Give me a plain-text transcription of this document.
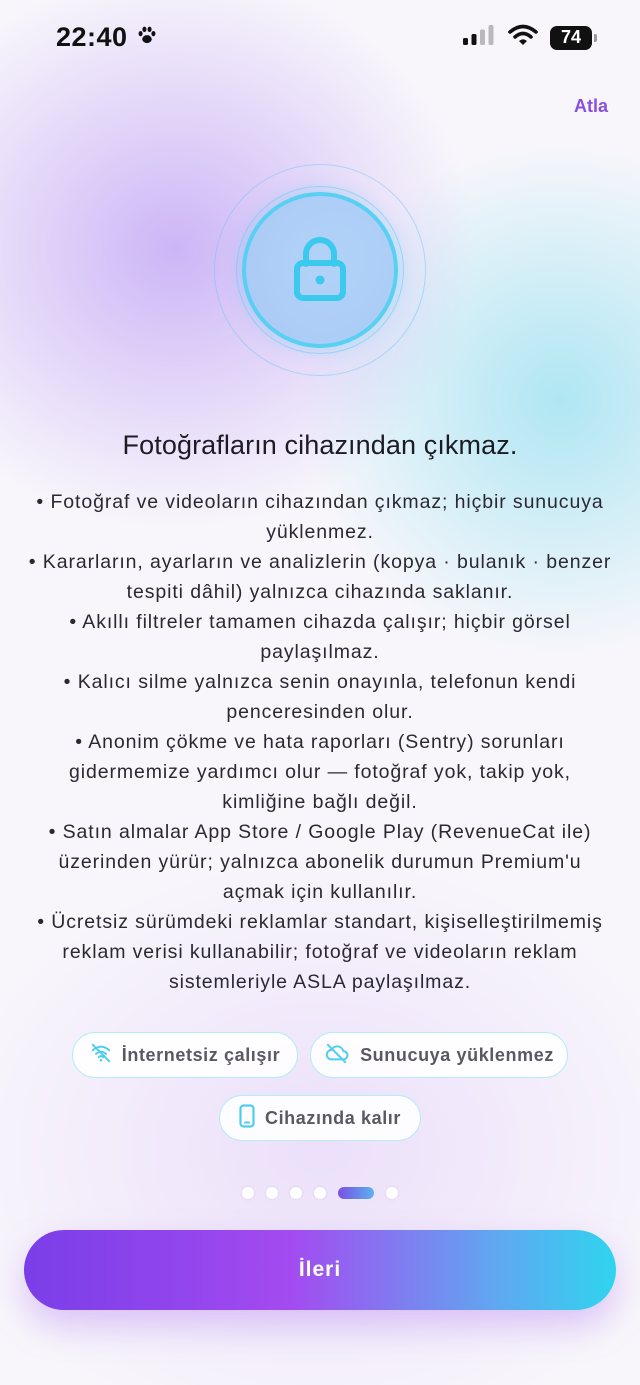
22:40	74
Atla
Fotoğrafların cihazından çıkmaz.

• Fotoğraf ve videoların cihazından çıkmaz; hiçbir sunucuya yüklenmez.

• Kararların, ayarların ve analizlerin (kopya · bulanık · benzer tespiti dâhil) yalnızca cihazında saklanır.

• Akıllı filtreler tamamen cihazda çalışır; hiçbir görsel paylaşılmaz.

• Kalıcı silme yalnızca senin onayınla, telefonun kendi penceresinden olur.

• Anonim çökme ve hata raporları (Sentry) sorunları gidermemize yardımcı olur — fotoğraf yok, takip yok, kimliğine bağlı değil.

• Satın almalar App Store / Google Play (RevenueCat ile) üzerinden yürür; yalnızca abonelik durumun Premium'u açmak için kullanılır.

• Ücretsiz sürümdeki reklamlar standart, kişiselleştirilmemiş reklam verisi kullanabilir; fotoğraf ve videoların reklam sistemleriyle ASLA paylaşılmaz.

İnternetsiz çalışır	Sunucuya yüklenmez
Cihazında kalır
İleri
